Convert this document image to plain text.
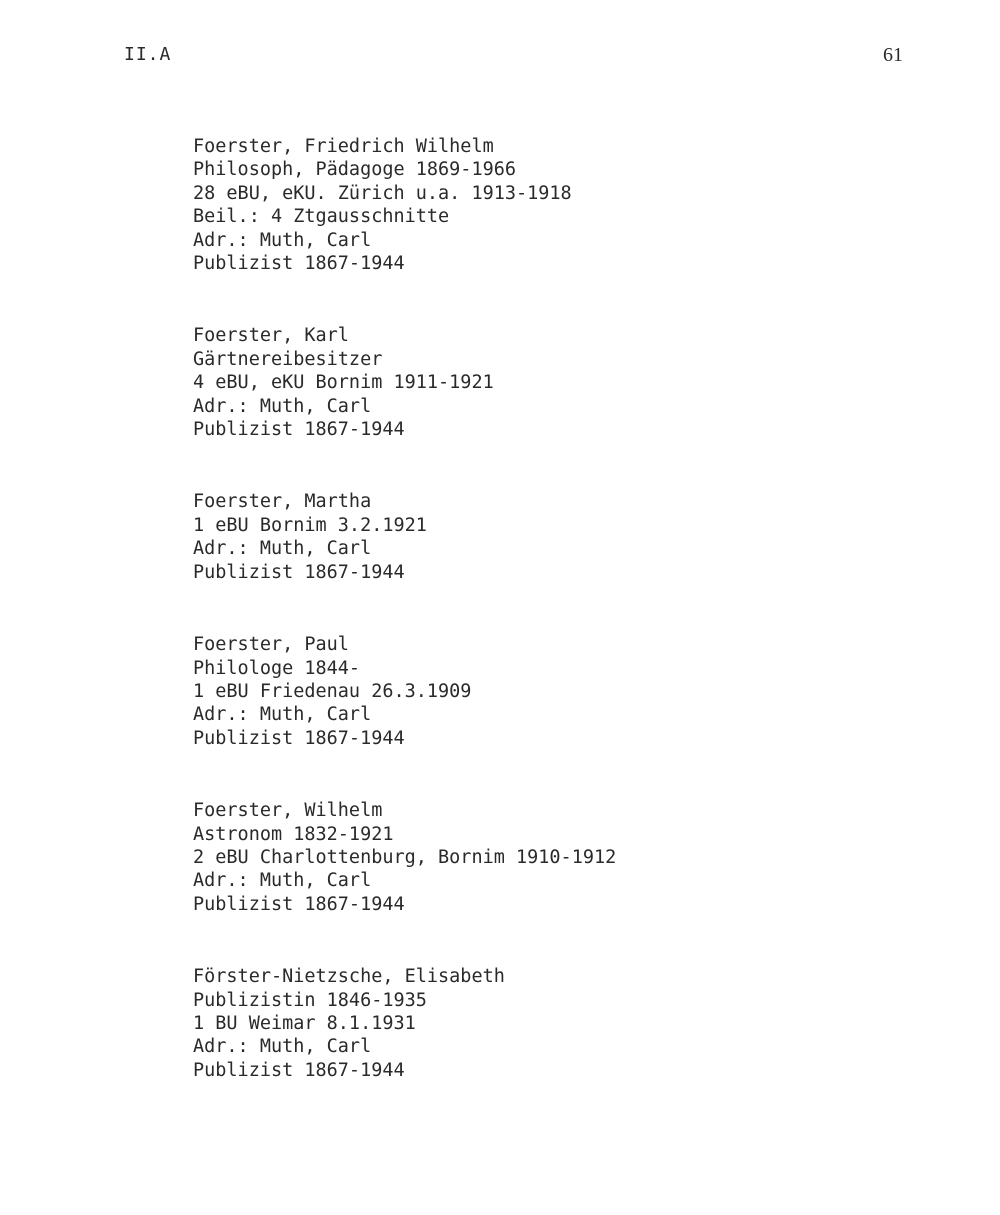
II.A	61
Foerster, Friedrich Wilhelm
Philosoph, Pädagoge 1869-1966
28 eBU, eKU. Zürich u.a. 1913-1918
Beil.: 4 Ztgausschnitte
Adr.: Muth, Carl
Publizist 1867-1944
Foerster, Karl
Gärtnereibesitzer
4 eBU, eKU Bornim 1911-1921
Adr.: Muth, Carl
Publizist 1867-1944
Foerster, Martha
1 eBU Bornim 3.2.1921
Adr.: Muth, Carl
Publizist 1867-1944
Foerster, Paul
Philologe 1844-
1 eBU Friedenau 26.3.1909
Adr.: Muth, Carl
Publizist 1867-1944
Foerster, Wilhelm
Astronom 1832-1921
2 eBU Charlottenburg, Bornim 1910-1912
Adr.: Muth, Carl
Publizist 1867-1944
Förster-Nietzsche, Elisabeth
Publizistin 1846-1935
1 BU Weimar 8.1.1931
Adr.: Muth, Carl
Publizist 1867-1944
